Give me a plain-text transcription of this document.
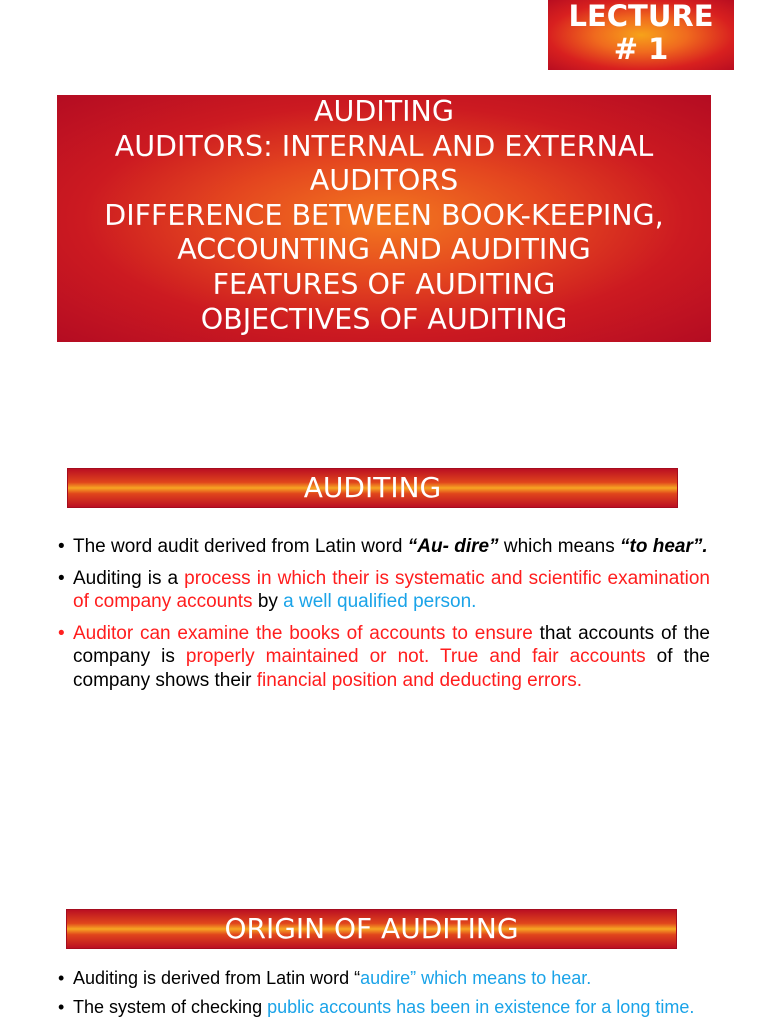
LECTURE
# 1
AUDITING
AUDITORS: INTERNAL AND EXTERNAL
AUDITORS
DIFFERENCE BETWEEN BOOK-KEEPING,
ACCOUNTING AND AUDITING
FEATURES OF AUDITING
OBJECTIVES OF AUDITING
AUDITING
• The word audit derived from Latin word “Au- dire” which means “to hear”.
• Auditing is a process in which their is systematic and scientific examination of company accounts by a well qualified person.
• Auditor can examine the books of accounts to ensure that accounts of the company is properly maintained or not. True and fair accounts of the company shows their financial position and deducting errors.
ORIGIN OF AUDITING
• Auditing is derived from Latin word “audire” which means to hear.
• The system of checking public accounts has been in existence for a long time.
